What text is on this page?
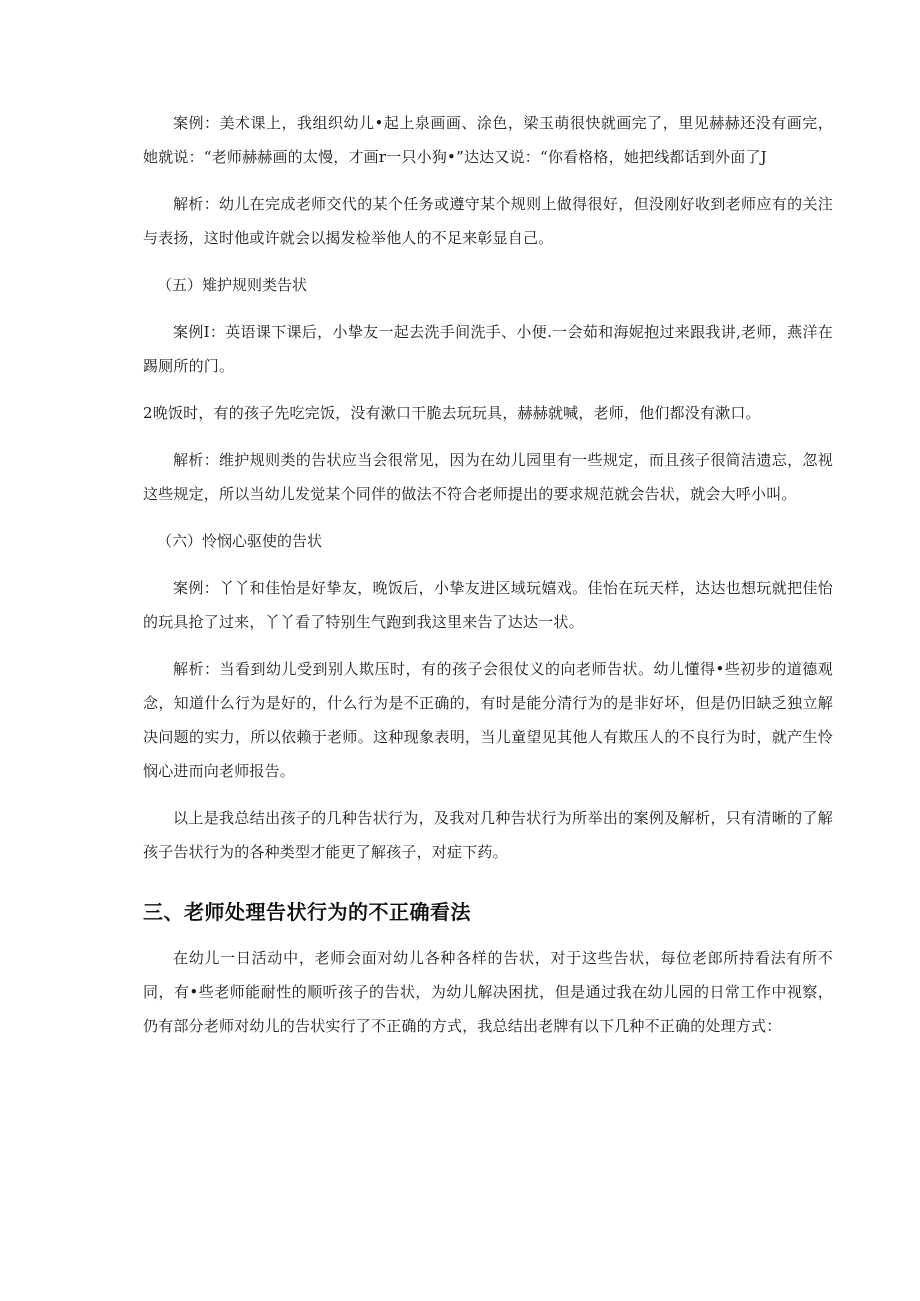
案例：美术课上，我组织幼儿•起上泉画画、涂色，梁玉萌很快就画完了，里见赫赫还没有画完，她就说：“老师赫赫画的太慢，才画r一只小狗•”达达又说：“你看格格，她把线都话到外面了J

解析：幼儿在完成老师交代的某个任务或遵守某个规则上做得很好，但没刚好收到老师应有的关注与表扬，这时他或许就会以揭发检举他人的不足来彰显自己。

（五）雉护规则类告状

案例I：英语课下课后，小挚友一起去洗手间洗手、小便.一会茹和海妮抱过来跟我讲,老师，燕洋在踢厕所的门。

2晚饭时，有的孩子先吃完饭，没有漱口干脆去玩玩具，赫赫就喊，老师，他们都没有漱口。

解析：维护规则类的告状应当会很常见，因为在幼儿园里有一些规定，而且孩子很简洁遗忘，忽视这些规定，所以当幼儿发觉某个同伴的做法不符合老师提出的要求规范就会告状，就会大呼小叫。

（六）怜悯心驱使的告状

案例：丫丫和佳怡是好挚友，晚饭后，小挚友进区域玩嬉戏。佳怡在玩天样，达达也想玩就把佳怡的玩具抢了过来，丫丫看了特别生气跑到我这里来告了达达一状。

解析：当看到幼儿受到别人欺压时，有的孩子会很仗义的向老师告状。幼儿懂得•些初步的道德观念，知道什么行为是好的，什么行为是不正确的，有时是能分清行为的是非好坏，但是仍旧缺乏独立解决问题的实力，所以依赖于老师。这种现象表明，当儿童望见其他人有欺压人的不良行为时，就产生怜悯心进而向老师报告。

以上是我总结出孩子的几种告状行为，及我对几种告状行为所举出的案例及解析，只有清晰的了解孩子告状行为的各种类型才能更了解孩子，对症下药。

三、老师处理告状行为的不正确看法

在幼儿一日活动中，老师会面对幼儿各种各样的告状，对于这些告状，每位老郎所持看法有所不同，有•些老师能耐性的顺听孩子的告状，为幼儿解决困扰，但是通过我在幼儿园的日常工作中视察，仍有部分老师对幼儿的告状实行了不正确的方式，我总结出老牌有以下几种不正确的处理方式：
